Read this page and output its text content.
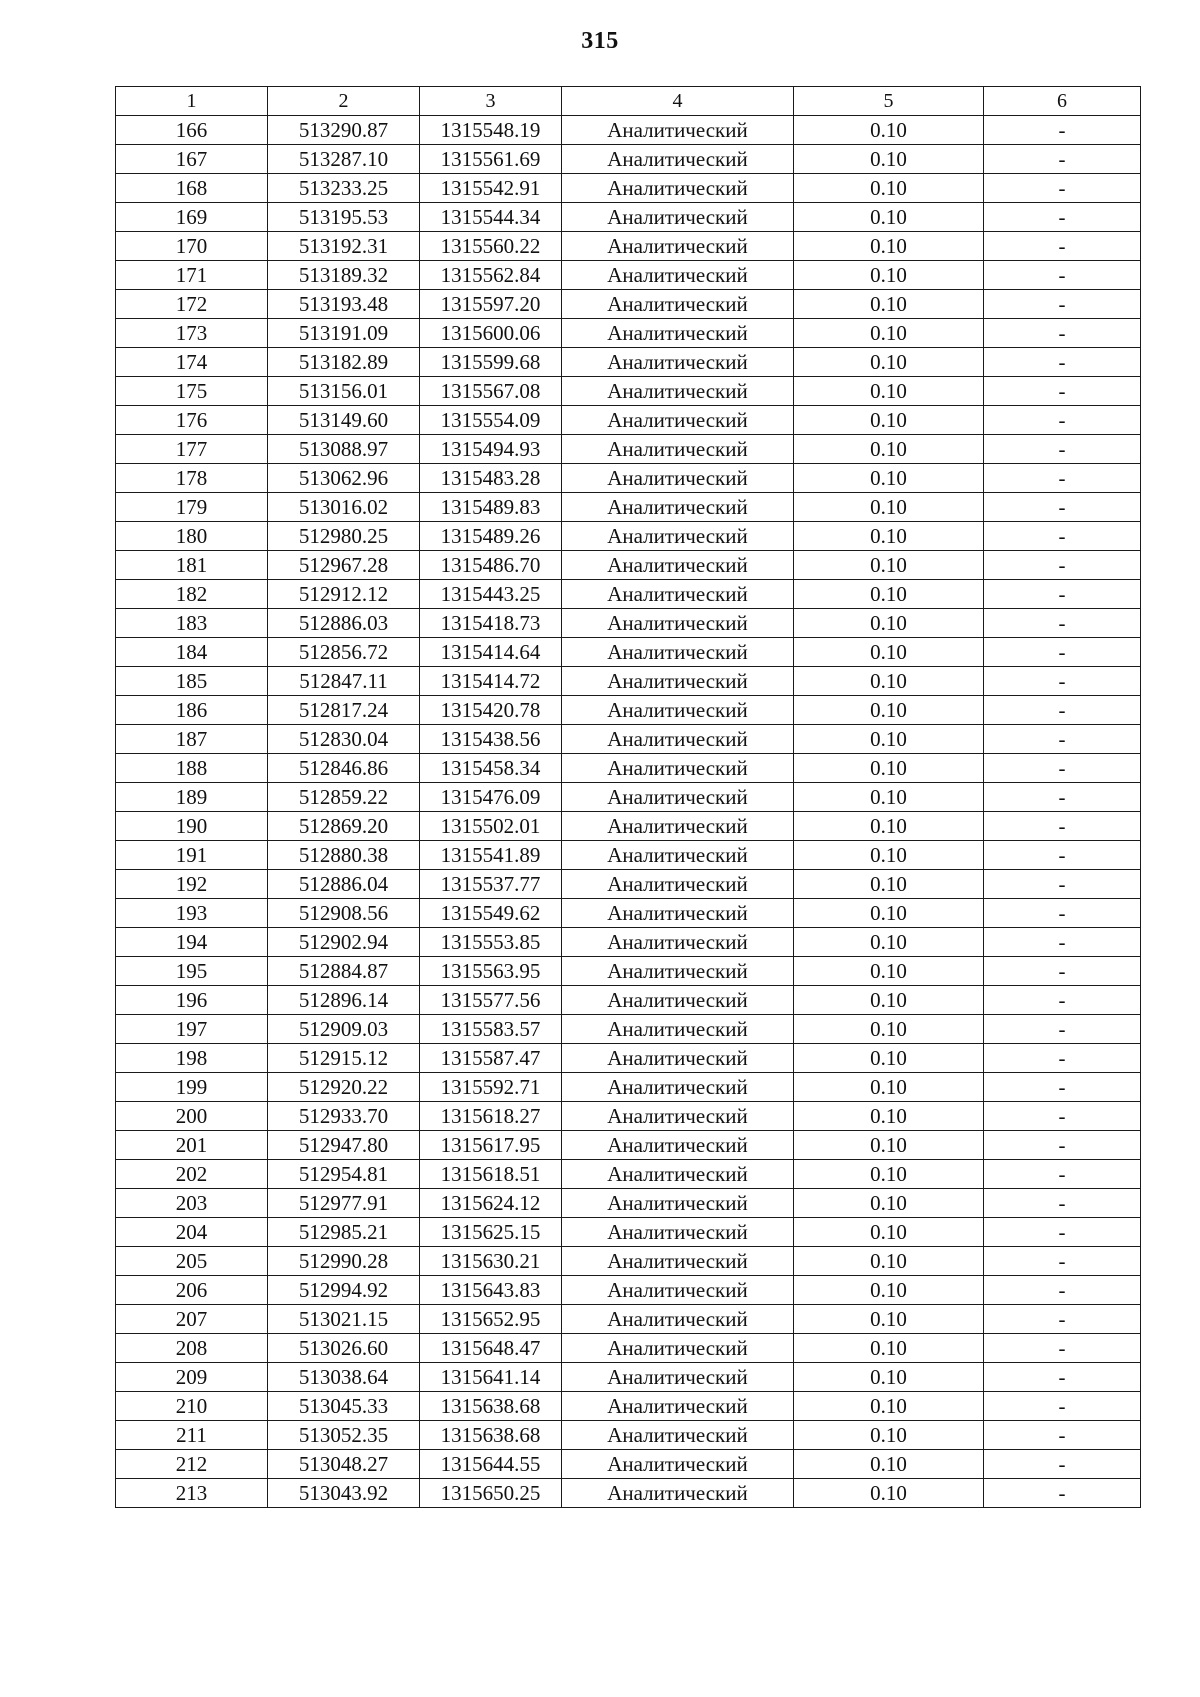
315
1	2	3	4	5	6
166	513290.87	1315548.19	Аналитический	0.10	-
167	513287.10	1315561.69	Аналитический	0.10	-
168	513233.25	1315542.91	Аналитический	0.10	-
169	513195.53	1315544.34	Аналитический	0.10	-
170	513192.31	1315560.22	Аналитический	0.10	-
171	513189.32	1315562.84	Аналитический	0.10	-
172	513193.48	1315597.20	Аналитический	0.10	-
173	513191.09	1315600.06	Аналитический	0.10	-
174	513182.89	1315599.68	Аналитический	0.10	-
175	513156.01	1315567.08	Аналитический	0.10	-
176	513149.60	1315554.09	Аналитический	0.10	-
177	513088.97	1315494.93	Аналитический	0.10	-
178	513062.96	1315483.28	Аналитический	0.10	-
179	513016.02	1315489.83	Аналитический	0.10	-
180	512980.25	1315489.26	Аналитический	0.10	-
181	512967.28	1315486.70	Аналитический	0.10	-
182	512912.12	1315443.25	Аналитический	0.10	-
183	512886.03	1315418.73	Аналитический	0.10	-
184	512856.72	1315414.64	Аналитический	0.10	-
185	512847.11	1315414.72	Аналитический	0.10	-
186	512817.24	1315420.78	Аналитический	0.10	-
187	512830.04	1315438.56	Аналитический	0.10	-
188	512846.86	1315458.34	Аналитический	0.10	-
189	512859.22	1315476.09	Аналитический	0.10	-
190	512869.20	1315502.01	Аналитический	0.10	-
191	512880.38	1315541.89	Аналитический	0.10	-
192	512886.04	1315537.77	Аналитический	0.10	-
193	512908.56	1315549.62	Аналитический	0.10	-
194	512902.94	1315553.85	Аналитический	0.10	-
195	512884.87	1315563.95	Аналитический	0.10	-
196	512896.14	1315577.56	Аналитический	0.10	-
197	512909.03	1315583.57	Аналитический	0.10	-
198	512915.12	1315587.47	Аналитический	0.10	-
199	512920.22	1315592.71	Аналитический	0.10	-
200	512933.70	1315618.27	Аналитический	0.10	-
201	512947.80	1315617.95	Аналитический	0.10	-
202	512954.81	1315618.51	Аналитический	0.10	-
203	512977.91	1315624.12	Аналитический	0.10	-
204	512985.21	1315625.15	Аналитический	0.10	-
205	512990.28	1315630.21	Аналитический	0.10	-
206	512994.92	1315643.83	Аналитический	0.10	-
207	513021.15	1315652.95	Аналитический	0.10	-
208	513026.60	1315648.47	Аналитический	0.10	-
209	513038.64	1315641.14	Аналитический	0.10	-
210	513045.33	1315638.68	Аналитический	0.10	-
211	513052.35	1315638.68	Аналитический	0.10	-
212	513048.27	1315644.55	Аналитический	0.10	-
213	513043.92	1315650.25	Аналитический	0.10	-
